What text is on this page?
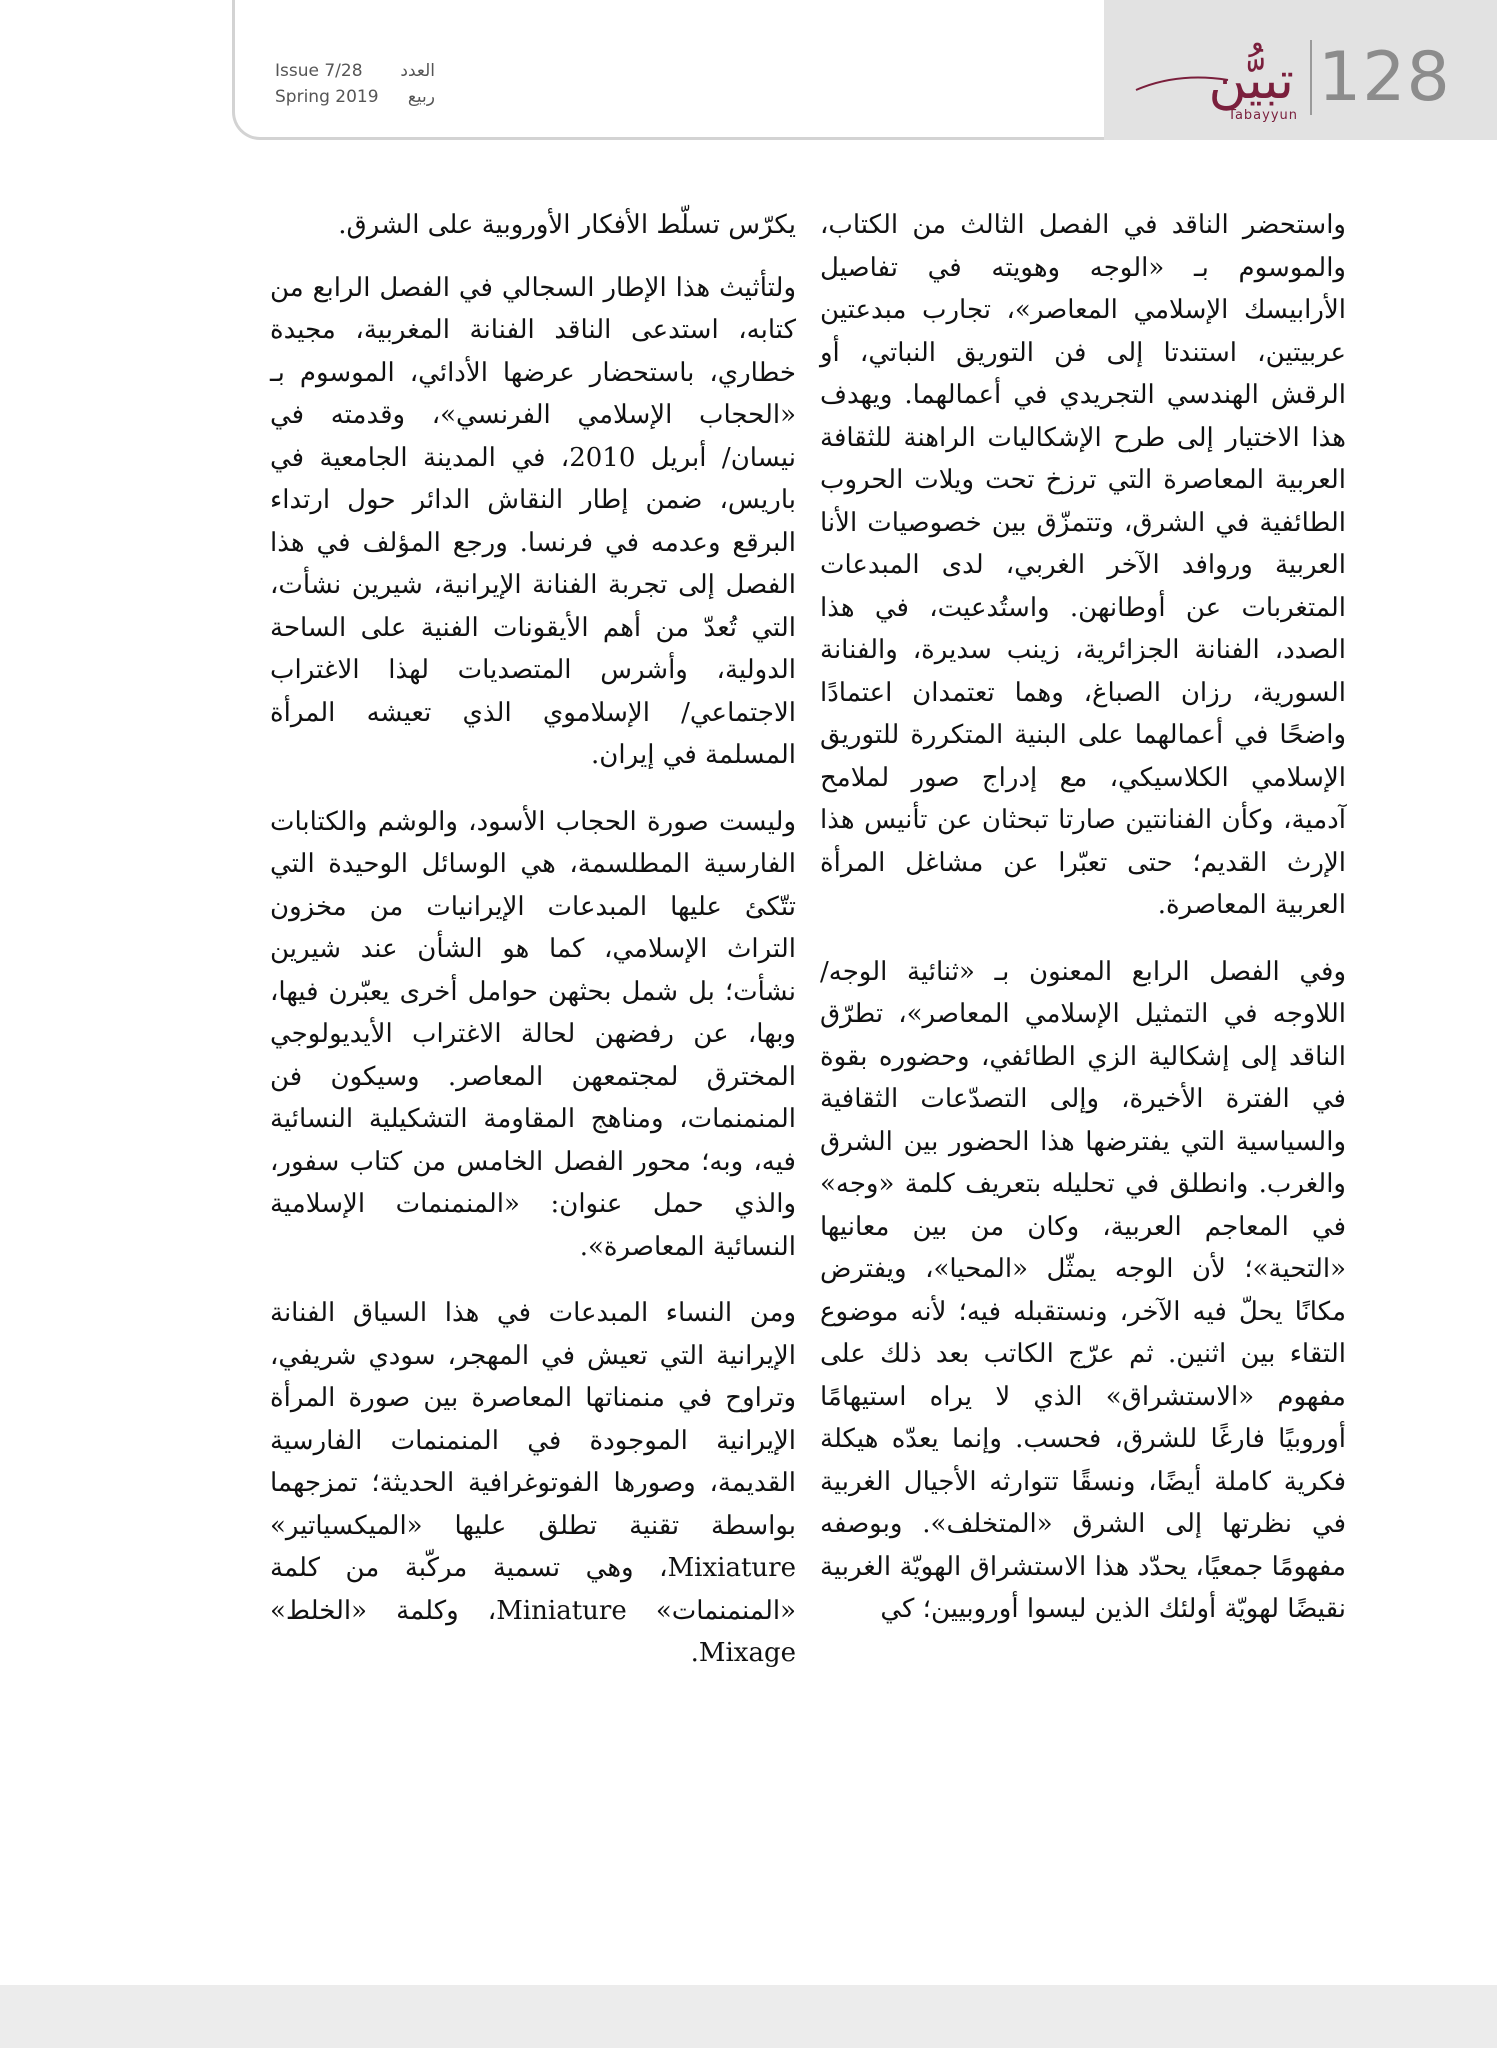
Issue 7/28 العدد
Spring 2019 ربيع	128
تبيُّن
Tabayyun

واستحضر الناقد في الفصل الثالث من الكتاب، والموسوم بـ «الوجه وهويته في تفاصيل الأرابيسك الإسلامي المعاصر»، تجارب مبدعتين عربيتين، استندتا إلى فن التوريق النباتي، أو الرقش الهندسي التجريدي في أعمالهما. ويهدف هذا الاختيار إلى طرح الإشكاليات الراهنة للثقافة العربية المعاصرة التي ترزخ تحت ويلات الحروب الطائفية في الشرق، وتتمزّق بين خصوصيات الأنا العربية وروافد الآخر الغربي، لدى المبدعات المتغربات عن أوطانهن. واستُدعيت، في هذا الصدد، الفنانة الجزائرية، زينب سديرة، والفنانة السورية، رزان الصباغ، وهما تعتمدان اعتمادًا واضحًا في أعمالهما على البنية المتكررة للتوريق الإسلامي الكلاسيكي، مع إدراج صور لملامح آدمية، وكأن الفنانتين صارتا تبحثان عن تأنيس هذا الإرث القديم؛ حتى تعبّرا عن مشاغل المرأة العربية المعاصرة.

وفي الفصل الرابع المعنون بـ «ثنائية الوجه/ اللاوجه في التمثيل الإسلامي المعاصر»، تطرّق الناقد إلى إشكالية الزي الطائفي، وحضوره بقوة في الفترة الأخيرة، وإلى التصدّعات الثقافية والسياسية التي يفترضها هذا الحضور بين الشرق والغرب. وانطلق في تحليله بتعريف كلمة «وجه» في المعاجم العربية، وكان من بين معانيها «التحية»؛ لأن الوجه يمثّل «المحيا»، ويفترض مكانًا يحلّ فيه الآخر، ونستقبله فيه؛ لأنه موضوع التقاء بين اثنين. ثم عرّج الكاتب بعد ذلك على مفهوم «الاستشراق» الذي لا يراه استيهامًا أوروبيًا فارغًا للشرق، فحسب. وإنما يعدّه هيكلة فكرية كاملة أيضًا، ونسقًا تتوارثه الأجيال الغربية في نظرتها إلى الشرق «المتخلف». وبوصفه مفهومًا جمعيًا، يحدّد هذا الاستشراق الهويّة الغربية نقيضًا لهويّة أولئك الذين ليسوا أوروبيين؛ كي

يكرّس تسلّط الأفكار الأوروبية على الشرق.

ولتأثيث هذا الإطار السجالي في الفصل الرابع من كتابه، استدعى الناقد الفنانة المغربية، مجيدة خطاري، باستحضار عرضها الأدائي، الموسوم بـ «الحجاب الإسلامي الفرنسي»، وقدمته في نيسان/ أبريل 2010، في المدينة الجامعية في باريس، ضمن إطار النقاش الدائر حول ارتداء البرقع وعدمه في فرنسا. ورجع المؤلف في هذا الفصل إلى تجربة الفنانة الإيرانية، شيرين نشأت، التي تُعدّ من أهم الأيقونات الفنية على الساحة الدولية، وأشرس المتصديات لهذا الاغتراب الاجتماعي/ الإسلاموي الذي تعيشه المرأة المسلمة في إيران.

وليست صورة الحجاب الأسود، والوشم والكتابات الفارسية المطلسمة، هي الوسائل الوحيدة التي تتّكئ عليها المبدعات الإيرانيات من مخزون التراث الإسلامي، كما هو الشأن عند شيرين نشأت؛ بل شمل بحثهن حوامل أخرى يعبّرن فيها، وبها، عن رفضهن لحالة الاغتراب الأيديولوجي المخترق لمجتمعهن المعاصر. وسيكون فن المنمنمات، ومناهج المقاومة التشكيلية النسائية فيه، وبه؛ محور الفصل الخامس من كتاب سفور، والذي حمل عنوان: «المنمنمات الإسلامية النسائية المعاصرة».

ومن النساء المبدعات في هذا السياق الفنانة الإيرانية التي تعيش في المهجر، سودي شريفي، وتراوح في منمناتها المعاصرة بين صورة المرأة الإيرانية الموجودة في المنمنمات الفارسية القديمة، وصورها الفوتوغرافية الحديثة؛ تمزجهما بواسطة تقنية تطلق عليها «الميكسياتير» Mixiature، وهي تسمية مركّبة من كلمة «المنمنمات» Miniature، وكلمة «الخلط» Mixage.
